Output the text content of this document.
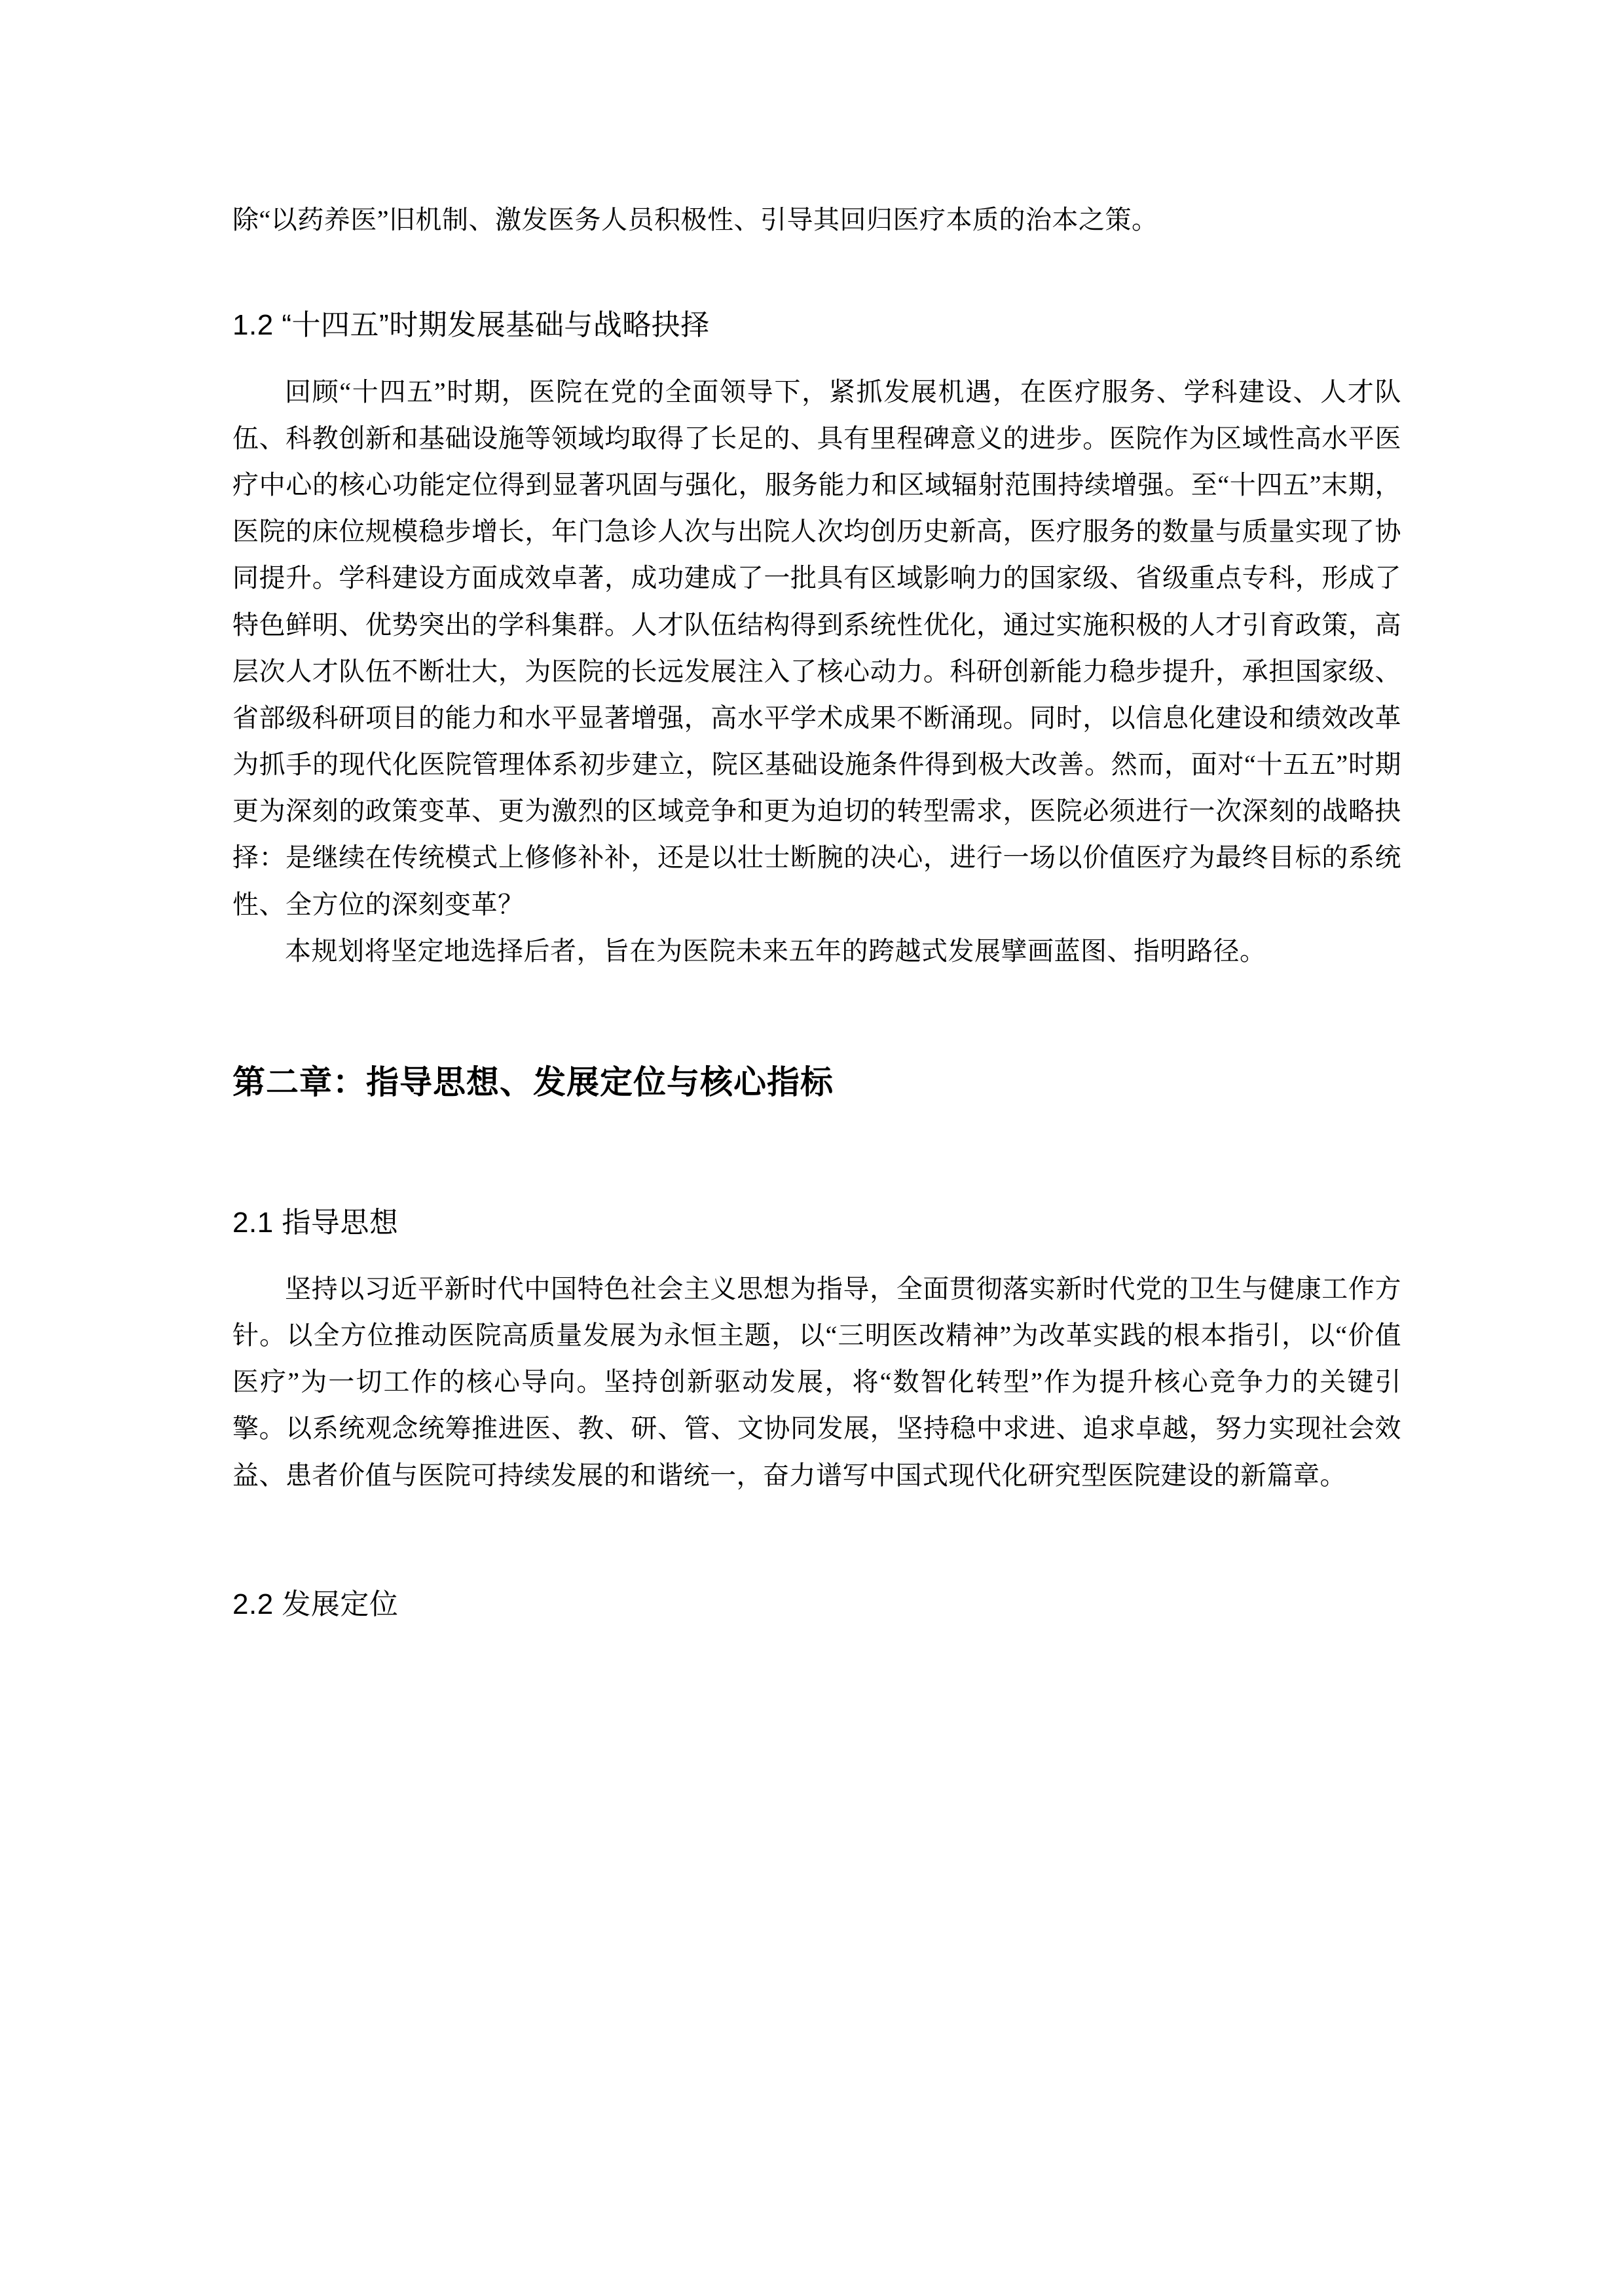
除“以药养医”旧机制、激发医务人员积极性、引导其回归医疗本质的治本之策。

1.2 “十四五”时期发展基础与战略抉择

回顾“十四五”时期，医院在党的全面领导下，紧抓发展机遇，在医疗服务、学科建设、人才队伍、科教创新和基础设施等领域均取得了长足的、具有里程碑意义的进步。医院作为区域性高水平医疗中心的核心功能定位得到显著巩固与强化，服务能力和区域辐射范围持续增强。至“十四五”末期，医院的床位规模稳步增长，年门急诊人次与出院人次均创历史新高，医疗服务的数量与质量实现了协同提升。学科建设方面成效卓著，成功建成了一批具有区域影响力的国家级、省级重点专科，形成了特色鲜明、优势突出的学科集群。人才队伍结构得到系统性优化，通过实施积极的人才引育政策，高层次人才队伍不断壮大，为医院的长远发展注入了核心动力。科研创新能力稳步提升，承担国家级、省部级科研项目的能力和水平显著增强，高水平学术成果不断涌现。同时，以信息化建设和绩效改革为抓手的现代化医院管理体系初步建立，院区基础设施条件得到极大改善。然而，面对“十五五”时期更为深刻的政策变革、更为激烈的区域竞争和更为迫切的转型需求，医院必须进行一次深刻的战略抉择：是继续在传统模式上修修补补，还是以壮士断腕的决心，进行一场以价值医疗为最终目标的系统性、全方位的深刻变革？

本规划将坚定地选择后者，旨在为医院未来五年的跨越式发展擘画蓝图、指明路径。

第二章：指导思想、发展定位与核心指标
2.1 指导思想

坚持以习近平新时代中国特色社会主义思想为指导，全面贯彻落实新时代党的卫生与健康工作方针。以全方位推动医院高质量发展为永恒主题，以“三明医改精神”为改革实践的根本指引，以“价值医疗”为一切工作的核心导向。坚持创新驱动发展，将“数智化转型”作为提升核心竞争力的关键引擎。以系统观念统筹推进医、教、研、管、文协同发展，坚持稳中求进、追求卓越，努力实现社会效益、患者价值与医院可持续发展的和谐统一，奋力谱写中国式现代化研究型医院建设的新篇章。

2.2 发展定位
